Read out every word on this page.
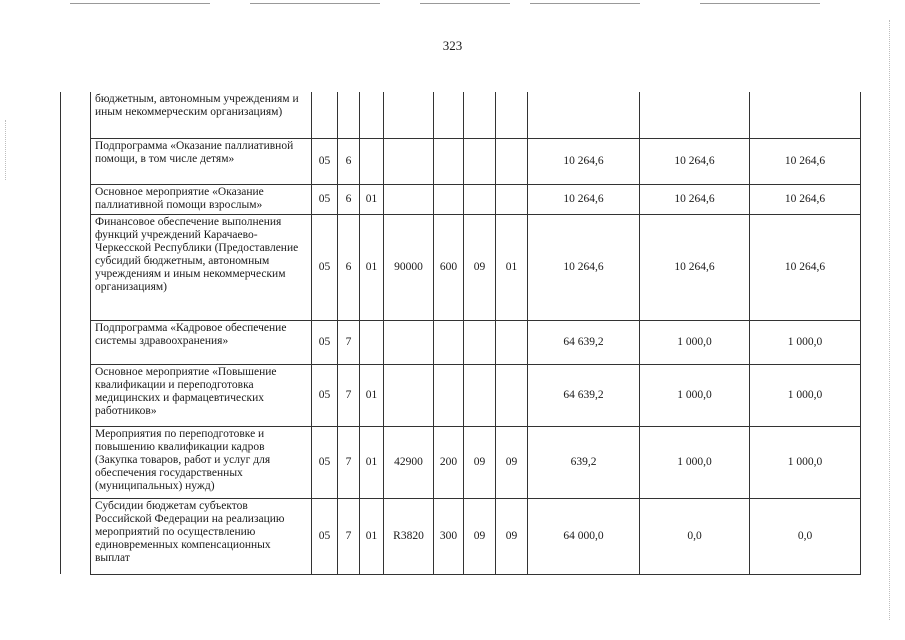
323
	бюджетным, автономным учреждениям и иным некоммерческим организациям)										
	Подпрограмма «Оказание паллиативной помощи, в том числе детям»	05	6						10 264,6	10 264,6	10 264,6
	Основное мероприятие «Оказание паллиативной помощи взрослым»	05	6	01					10 264,6	10 264,6	10 264,6
	Финансовое обеспечение выполнения функций учреждений Карачаево-Черкесской Республики (Предоставление субсидий бюджетным, автономным учреждениям и иным некоммерческим организациям)	05	6	01	90000	600	09	01	10 264,6	10 264,6	10 264,6
	Подпрограмма «Кадровое обеспечение системы здравоохранения»	05	7						64 639,2	1 000,0	1 000,0
	Основное мероприятие «Повышение квалификации и переподготовка медицинских и фармацевтических работников»	05	7	01					64 639,2	1 000,0	1 000,0
	Мероприятия по переподготовке и повышению квалификации кадров (Закупка товаров, работ и услуг для обеспечения государственных (муниципальных) нужд)	05	7	01	42900	200	09	09	639,2	1 000,0	1 000,0
	Субсидии бюджетам субъектов Российской Федерации на реализацию мероприятий по осуществлению единовременных компенсационных выплат	05	7	01	R3820	300	09	09	64 000,0	0,0	0,0
